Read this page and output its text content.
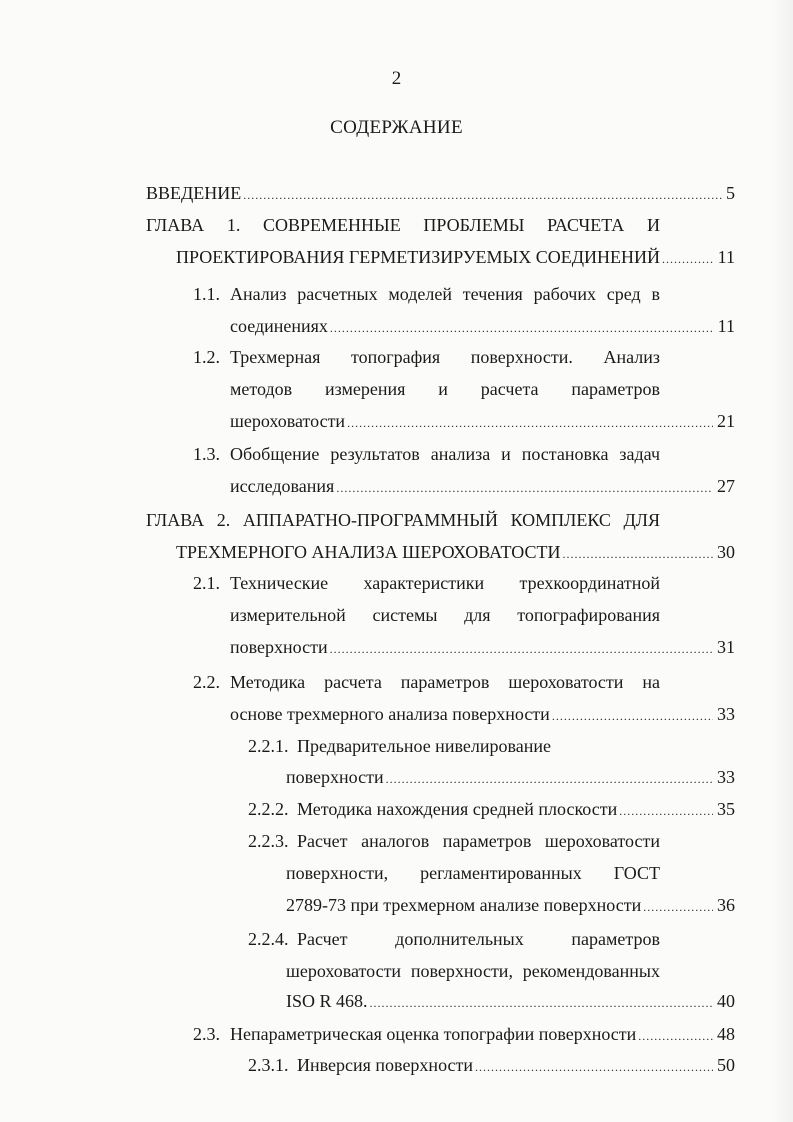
2
СОДЕРЖАНИЕ
ВВЕДЕНИЕ .....	5
ГЛАВА 1. СОВРЕМЕННЫЕ ПРОБЛЕМЫ РАСЧЕТА И
ПРОЕКТИРОВАНИЯ ГЕРМЕТИЗИРУЕМЫХ СОЕДИНЕНИЙ .....	11
1.1. Анализ расчетных моделей течения рабочих сред в
соединениях .....	11
1.2. Трехмерная топография поверхности. Анализ
методов измерения и расчета параметров
шероховатости .....	21
1.3. Обобщение результатов анализа и постановка задач
исследования .....	27
ГЛАВА 2. АППАРАТНО-ПРОГРАММНЫЙ КОМПЛЕКС ДЛЯ
ТРЕХМЕРНОГО АНАЛИЗА ШЕРОХОВАТОСТИ .....	30
2.1. Технические характеристики трехкоординатной
измерительной системы для топографирования
поверхности .....	31
2.2. Методика расчета параметров шероховатости на
основе трехмерного анализа поверхности .....	33
2.2.1. Предварительное нивелирование
поверхности .....	33
2.2.2. Методика нахождения средней плоскости .....	35
2.2.3. Расчет аналогов параметров шероховатости
поверхности, регламентированных ГОСТ
2789-73 при трехмерном анализе поверхности .....	36
2.2.4. Расчет дополнительных параметров
шероховатости поверхности, рекомендованных
ISO R 468. .....	40
2.3. Непараметрическая оценка топографии поверхности .....	48
2.3.1. Инверсия поверхности .....	50
